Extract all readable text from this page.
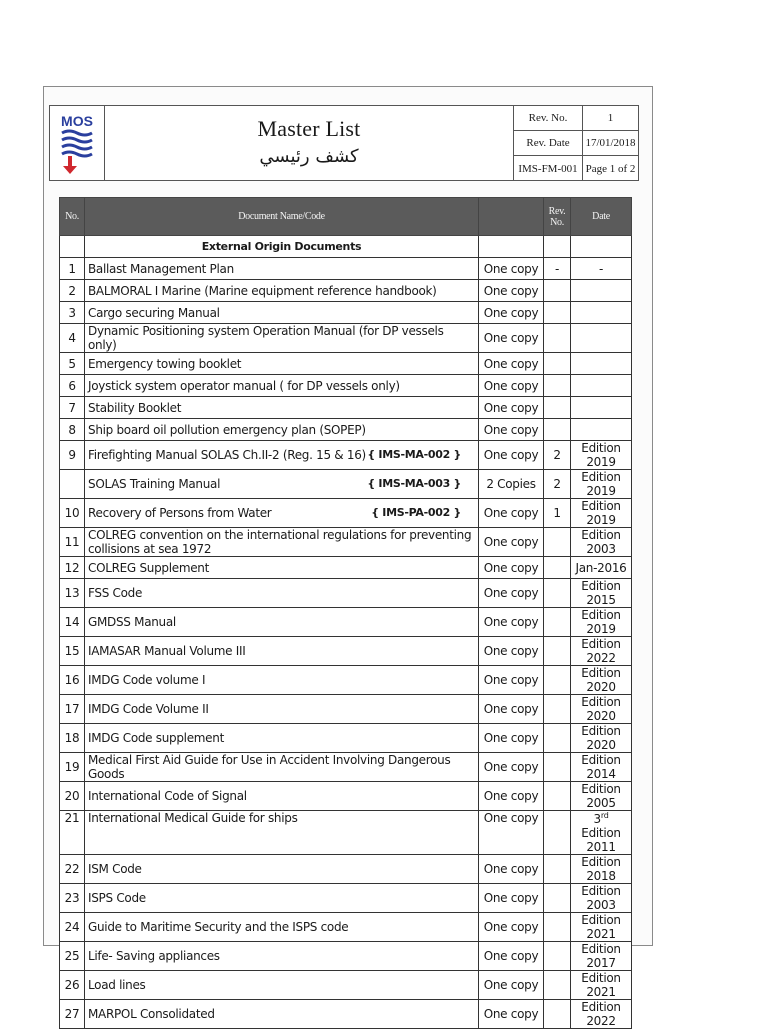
MOS	Master List
كشف رئيسي
Rev. No.	1
Rev. Date	17/01/2018
IMS-FM-001 Page 1 of 2
No.	Document Name/Code		Rev. No.	Date
	External Origin Documents			
1	Ballast Management Plan	One copy	-	-
2	BALMORAL I Marine (Marine equipment reference handbook)	One copy		
3	Cargo securing Manual	One copy		
4	Dynamic Positioning system Operation Manual (for DP vessels only)	One copy		
5	Emergency towing booklet	One copy		
6	Joystick system operator manual ( for DP vessels only)	One copy		
7	Stability Booklet	One copy		
8	Ship board oil pollution emergency plan (SOPEP)	One copy		
9	Firefighting Manual SOLAS Ch.II-2 (Reg. 15 & 16) { IMS-MA-002 }	One copy	2	Edition 2019
	SOLAS Training Manual { IMS-MA-003 }	2 Copies	2	Edition 2019
10	Recovery of Persons from Water { IMS-PA-002 }	One copy	1	Edition 2019
11	COLREG convention on the international regulations for preventing collisions at sea 1972	One copy		Edition 2003
12	COLREG Supplement	One copy		Jan-2016
13	FSS Code	One copy		Edition 2015
14	GMDSS Manual	One copy		Edition 2019
15	IAMASAR Manual Volume III	One copy		Edition 2022
16	IMDG Code volume I	One copy		Edition 2020
17	IMDG Code Volume II	One copy		Edition 2020
18	IMDG Code supplement	One copy		Edition 2020
19	Medical First Aid Guide for Use in Accident Involving Dangerous Goods	One copy		Edition 2014
20	International Code of Signal	One copy		Edition 2005
21	International Medical Guide for ships	One copy		3rd Edition 2011
22	ISM Code	One copy		Edition 2018
23	ISPS Code	One copy		Edition 2003
24	Guide to Maritime Security and the ISPS code	One copy		Edition 2021
25	Life- Saving appliances	One copy		Edition 2017
26	Load lines	One copy		Edition 2021
27	MARPOL Consolidated	One copy		Edition 2022
